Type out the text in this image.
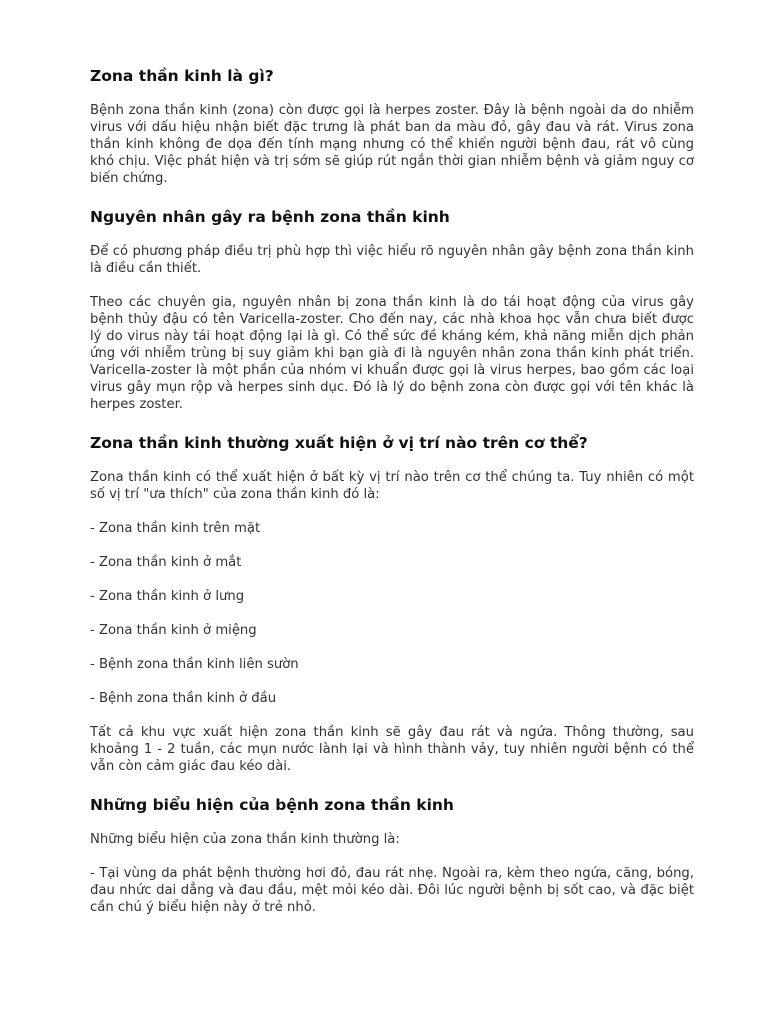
Zona thần kinh là gì?

Bệnh zona thần kinh (zona) còn được gọi là herpes zoster. Đây là bệnh ngoài da do nhiễm virus với dấu hiệu nhận biết đặc trưng là phát ban da màu đỏ, gây đau và rát. Virus zona thần kinh không đe dọa đến tính mạng nhưng có thể khiến người bệnh đau, rát vô cùng khó chịu. Việc phát hiện và trị sớm sẽ giúp rút ngắn thời gian nhiễm bệnh và giảm nguy cơ biến chứng.

Nguyên nhân gây ra bệnh zona thần kinh

Để có phương pháp điều trị phù hợp thì việc hiểu rõ nguyên nhân gây bệnh zona thần kinh là điều cần thiết.

Theo các chuyên gia, nguyên nhân bị zona thần kinh là do tái hoạt động của virus gây bệnh thủy đậu có tên Varicella-zoster. Cho đến nay, các nhà khoa học vẫn chưa biết được lý do virus này tái hoạt động lại là gì. Có thể sức đề kháng kém, khả năng miễn dịch phản ứng với nhiễm trùng bị suy giảm khi bạn già đi là nguyên nhân zona thần kinh phát triển. Varicella-zoster là một phần của nhóm vi khuẩn được gọi là virus herpes, bao gồm các loại virus gây mụn rộp và herpes sinh dục. Đó là lý do bệnh zona còn được gọi với tên khác là herpes zoster.

Zona thần kinh thường xuất hiện ở vị trí nào trên cơ thể?

Zona thần kinh có thể xuất hiện ở bất kỳ vị trí nào trên cơ thể chúng ta. Tuy nhiên có một số vị trí "ưa thích" của zona thần kinh đó là:

- Zona thần kinh trên mặt

- Zona thần kinh ở mắt

- Zona thần kinh ở lưng

- Zona thần kinh ở miệng

- Bệnh zona thần kinh liên sườn

- Bệnh zona thần kinh ở đầu

Tất cả khu vực xuất hiện zona thần kinh sẽ gây đau rát và ngứa. Thông thường, sau khoảng 1 - 2 tuần, các mụn nước lành lại và hình thành vảy, tuy nhiên người bệnh có thể vẫn còn cảm giác đau kéo dài.

Những biểu hiện của bệnh zona thần kinh

Những biểu hiện của zona thần kinh thường là:

- Tại vùng da phát bệnh thường hơi đỏ, đau rát nhẹ. Ngoài ra, kèm theo ngứa, căng, bóng, đau nhức dai dẳng và đau đầu, mệt mỏi kéo dài. Đôi lúc người bệnh bị sốt cao, và đặc biệt cần chú ý biểu hiện này ở trẻ nhỏ.
